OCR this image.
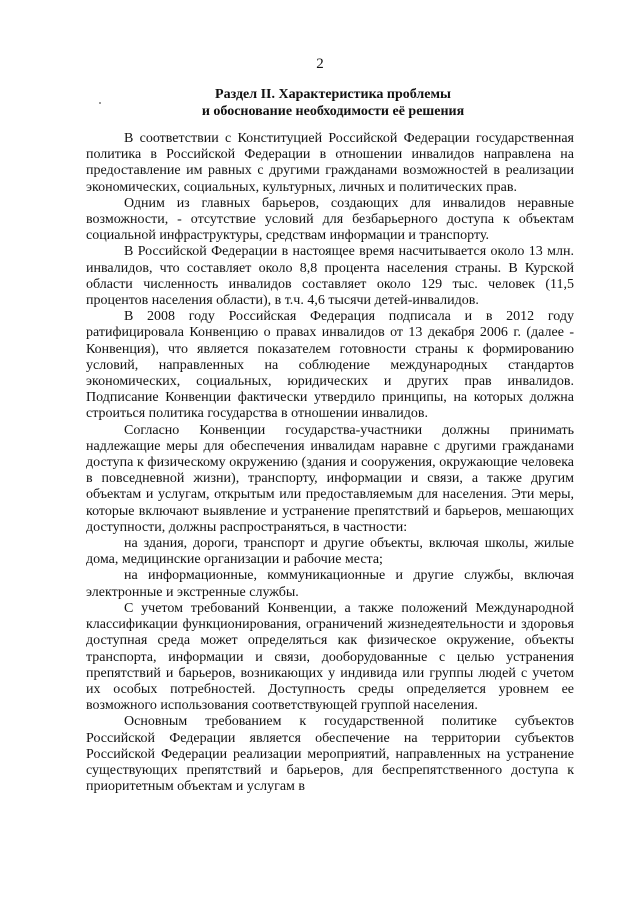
2
Раздел II. Характеристика проблемы
и обоснование необходимости её решения

В соответствии с Конституцией Российской Федерации государственная политика в Российской Федерации в отношении инвалидов направлена на предоставление им равных с другими гражданами возможностей в реализации экономических, социальных, культурных, личных и политических прав.

Одним из главных барьеров, создающих для инвалидов неравные возможности, - отсутствие условий для безбарьерного доступа к объектам социальной инфраструктуры, средствам информации и транспорту.

В Российской Федерации в настоящее время насчитывается около 13 млн. инвалидов, что составляет около 8,8 процента населения страны. В Курской области численность инвалидов составляет около 129 тыс. человек (11,5 процентов населения области), в т.ч. 4,6 тысячи детей-инвалидов.

В 2008 году Российская Федерация подписала и в 2012 году ратифицировала Конвенцию о правах инвалидов от 13 декабря 2006 г. (далее - Конвенция), что является показателем готовности страны к формированию условий, направленных на соблюдение международных стандартов экономических, социальных, юридических и других прав инвалидов. Подписание Конвенции фактически утвердило принципы, на которых должна строиться политика государства в отношении инвалидов.

Согласно Конвенции государства-участники должны принимать надлежащие меры для обеспечения инвалидам наравне с другими гражданами доступа к физическому окружению (здания и сооружения, окружающие человека в повседневной жизни), транспорту, информации и связи, а также другим объектам и услугам, открытым или предоставляемым для населения. Эти меры, которые включают выявление и устранение препятствий и барьеров, мешающих доступности, должны распространяться, в частности:

на здания, дороги, транспорт и другие объекты, включая школы, жилые дома, медицинские организации и рабочие места;

на информационные, коммуникационные и другие службы, включая электронные и экстренные службы.

С учетом требований Конвенции, а также положений Международной классификации функционирования, ограничений жизнедеятельности и здоровья доступная среда может определяться как физическое окружение, объекты транспорта, информации и связи, дооборудованные с целью устранения препятствий и барьеров, возникающих у индивида или группы людей с учетом их особых потребностей. Доступность среды определяется уровнем ее возможного использования соответствующей группой населения.

Основным требованием к государственной политике субъектов Российской Федерации является обеспечение на территории субъектов Российской Федерации реализации мероприятий, направленных на устранение существующих препятствий и барьеров, для беспрепятственного доступа к приоритетным объектам и услугам в
